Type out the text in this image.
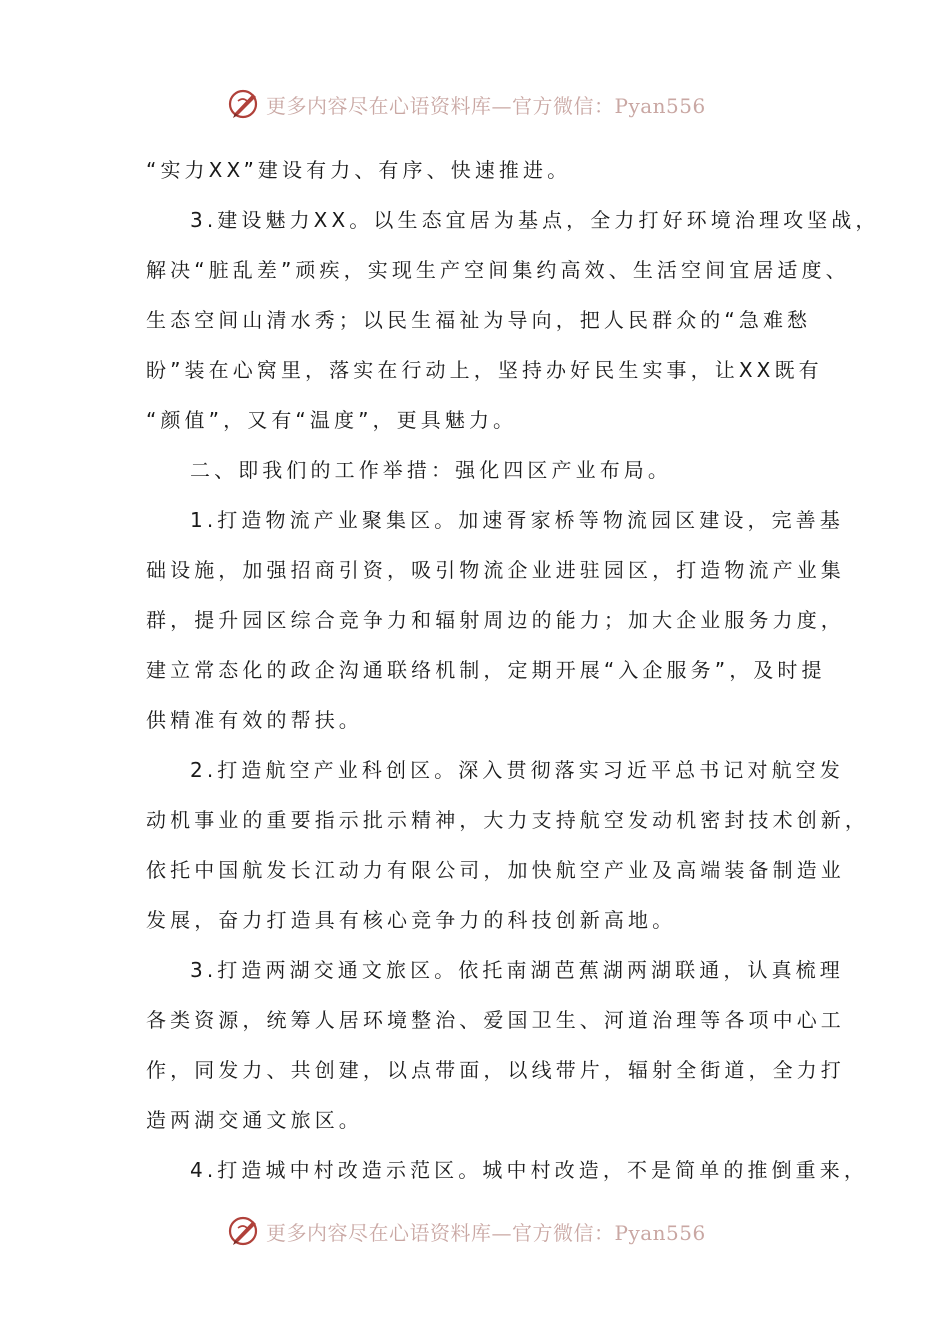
更多内容尽在心语资料库—官方微信：Pyan556

“实力XX”建设有力、有序、快速推进。

3.建设魅力XX。以生态宜居为基点，全力打好环境治理攻坚战，
解决“脏乱差”顽疾，实现生产空间集约高效、生活空间宜居适度、
生态空间山清水秀；以民生福祉为导向，把人民群众的“急难愁
盼”装在心窝里，落实在行动上，坚持办好民生实事，让XX既有
“颜值”，又有“温度”，更具魅力。

二、即我们的工作举措：强化四区产业布局。

1.打造物流产业聚集区。加速胥家桥等物流园区建设，完善基
础设施，加强招商引资，吸引物流企业进驻园区，打造物流产业集
群，提升园区综合竞争力和辐射周边的能力；加大企业服务力度，
建立常态化的政企沟通联络机制，定期开展“入企服务”，及时提
供精准有效的帮扶。

2.打造航空产业科创区。深入贯彻落实习近平总书记对航空发
动机事业的重要指示批示精神，大力支持航空发动机密封技术创新，
依托中国航发长江动力有限公司，加快航空产业及高端装备制造业
发展，奋力打造具有核心竞争力的科技创新高地。

3.打造两湖交通文旅区。依托南湖芭蕉湖两湖联通，认真梳理
各类资源，统筹人居环境整治、爱国卫生、河道治理等各项中心工
作，同发力、共创建，以点带面，以线带片，辐射全街道，全力打
造两湖交通文旅区。

4.打造城中村改造示范区。城中村改造，不是简单的推倒重来，

更多内容尽在心语资料库—官方微信：Pyan556
